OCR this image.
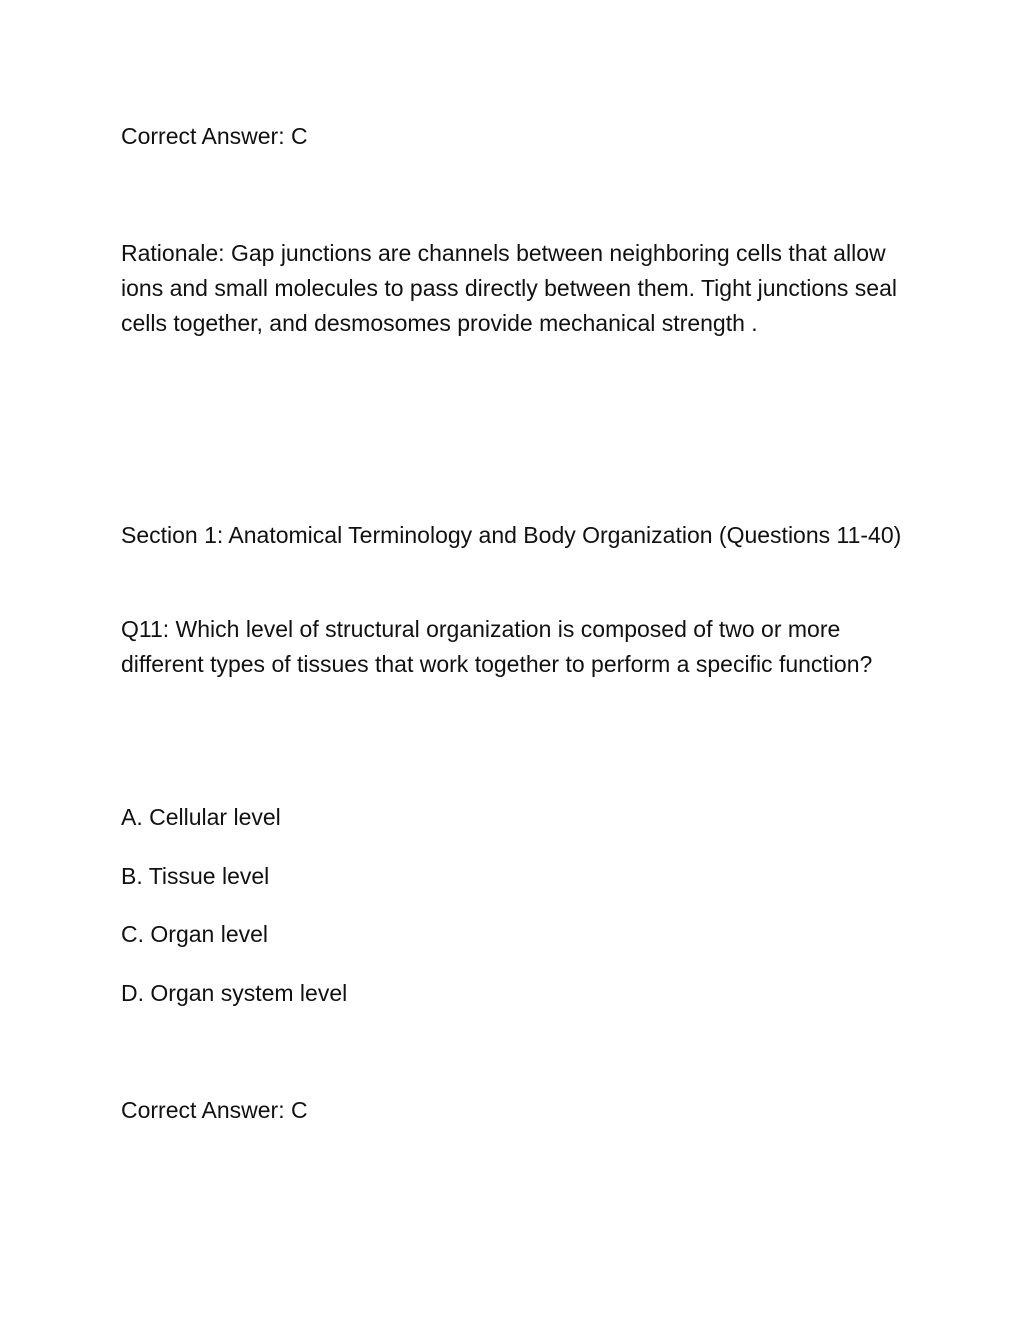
Correct Answer: C

Rationale: Gap junctions are channels between neighboring cells that allow ions and small molecules to pass directly between them. Tight junctions seal cells together, and desmosomes provide mechanical strength .

Section 1: Anatomical Terminology and Body Organization (Questions 11-40)

Q11: Which level of structural organization is composed of two or more different types of tissues that work together to perform a specific function?

A. Cellular level

B. Tissue level

C. Organ level

D. Organ system level

Correct Answer: C
